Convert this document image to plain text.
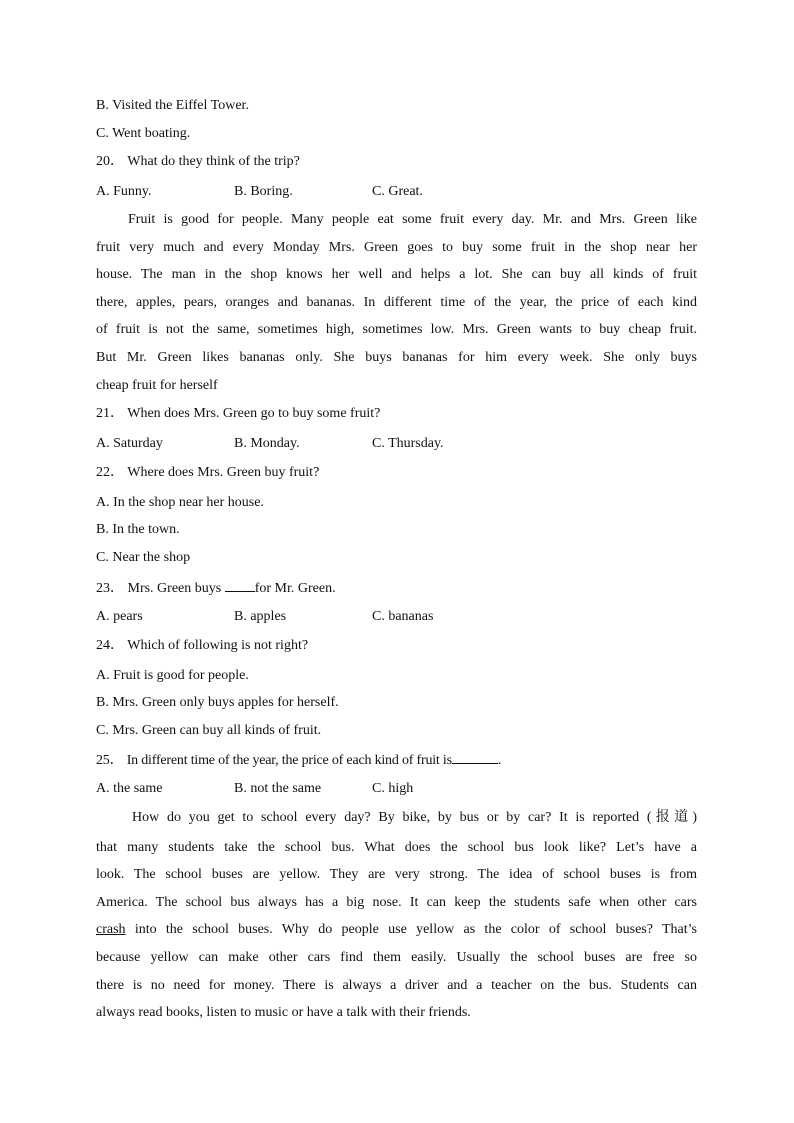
B. Visited the Eiffel Tower.
C. Went boating.
20． What do they think of the trip?
A. Funny.	B. Boring.	C. Great.
Fruit is good for people. Many people eat some fruit every day. Mr. and Mrs. Green like
fruit very much and every Monday Mrs. Green goes to buy some fruit in the shop near her
house. The man in the shop knows her well and helps a lot. She can buy all kinds of fruit
there, apples, pears, oranges and bananas. In different time of the year, the price of each kind
of fruit is not the same, sometimes high, sometimes low. Mrs. Green wants to buy cheap fruit.
But Mr. Green likes bananas only. She buys bananas for him every week. She only buys
cheap fruit for herself
21． When does Mrs. Green go to buy some fruit?
A. Saturday	B. Monday.	C. Thursday.
22． Where does Mrs. Green buy fruit?
A. In the shop near her house.
B. In the town.
C. Near the shop
23． Mrs. Green buys for Mr. Green.
A. pears	B. apples	C. bananas
24． Which of following is not right?
A. Fruit is good for people.
B. Mrs. Green only buys apples for herself.
C. Mrs. Green can buy all kinds of fruit.
25． In different time of the year, the price of each kind of fruit is	.
A. the same	B. not the same	C. high
How do you get to school every day? By bike, by bus or by car? It is reported (报道)
that many students take the school bus. What does the school bus look like? Let’s have a
look. The school buses are yellow. They are very strong. The idea of school buses is from
America. The school bus always has a big nose. It can keep the students safe when other cars
crash into the school buses. Why do people use yellow as the color of school buses? That’s
because yellow can make other cars find them easily. Usually the school buses are free so
there is no need for money. There is always a driver and a teacher on the bus. Students can
always read books, listen to music or have a talk with their friends.
